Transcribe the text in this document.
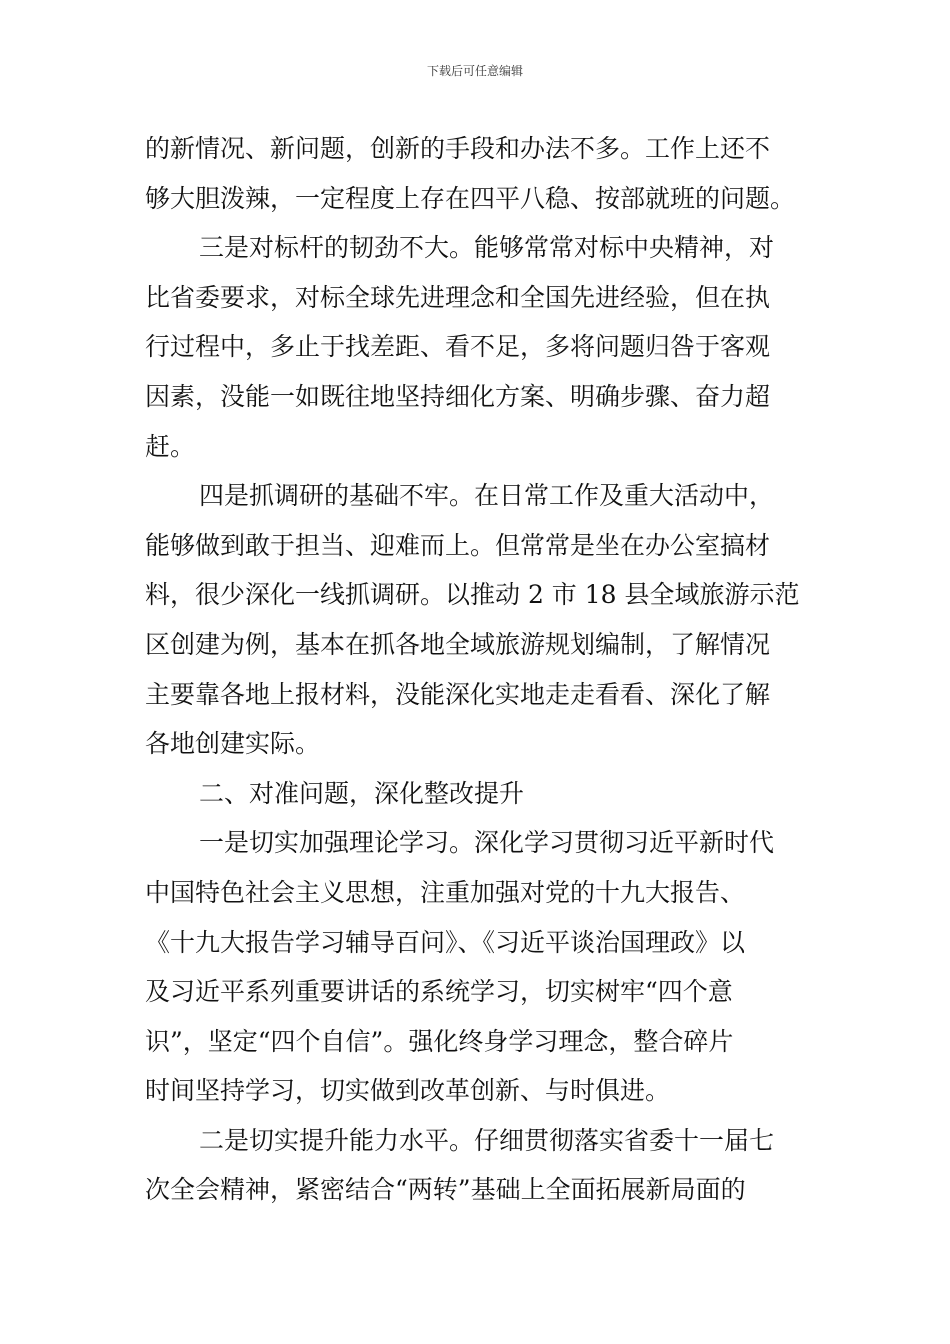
下载后可任意编辑
的新情况、新问题，创新的手段和办法不多。工作上还不
够大胆泼辣，一定程度上存在四平八稳、按部就班的问题。
三是对标杆的韧劲不大。能够常常对标中央精神，对
比省委要求，对标全球先进理念和全国先进经验，但在执
行过程中，多止于找差距、看不足，多将问题归咎于客观
因素，没能一如既往地坚持细化方案、明确步骤、奋力超
赶。
四是抓调研的基础不牢。在日常工作及重大活动中，
能够做到敢于担当、迎难而上。但常常是坐在办公室搞材
料，很少深化一线抓调研。以推动 2 市 18 县全域旅游示范
区创建为例，基本在抓各地全域旅游规划编制，了解情况
主要靠各地上报材料，没能深化实地走走看看、深化了解
各地创建实际。
二、对准问题，深化整改提升
一是切实加强理论学习。深化学习贯彻习近平新时代
中国特色社会主义思想，注重加强对党的十九大报告、
《十九大报告学习辅导百问》、《习近平谈治国理政》以
及习近平系列重要讲话的系统学习，切实树牢“四个意
识”，坚定“四个自信”。强化终身学习理念，整合碎片
时间坚持学习，切实做到改革创新、与时俱进。
二是切实提升能力水平。仔细贯彻落实省委十一届七
次全会精神，紧密结合“两转”基础上全面拓展新局面的
